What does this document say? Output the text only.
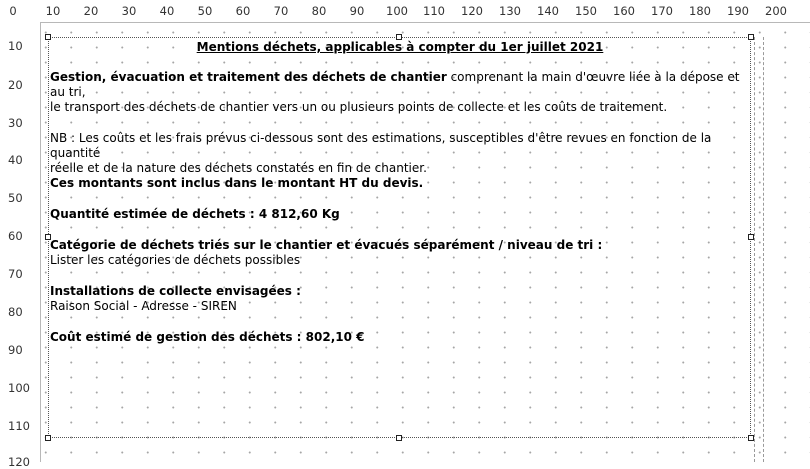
0	10 20 30 40 50 60 70 80 90 100 110 120 130 140 150 160 170 180 190 200
10
20
30
40
50
60
70
80
90
100
110
120
Mentions déchets, applicables à compter du 1er juillet 2021

Gestion, évacuation et traitement des déchets de chantier comprenant la main d'œuvre liée à la dépose et au tri,

le transport des déchets de chantier vers un ou plusieurs points de collecte et les coûts de traitement.

NB : Les coûts et les frais prévus ci-dessous sont des estimations, susceptibles d'être revues en fonction de la quantité

réelle et de la nature des déchets constatés en fin de chantier.

Ces montants sont inclus dans le montant HT du devis.

Quantité estimée de déchets : 4 812,60 Kg

Catégorie de déchets triés sur le chantier et évacués séparément / niveau de tri :

Lister les catégories de déchets possibles

Installations de collecte envisagées :

Raison Social - Adresse - SIREN

Coût estimé de gestion des déchets : 802,10 €
